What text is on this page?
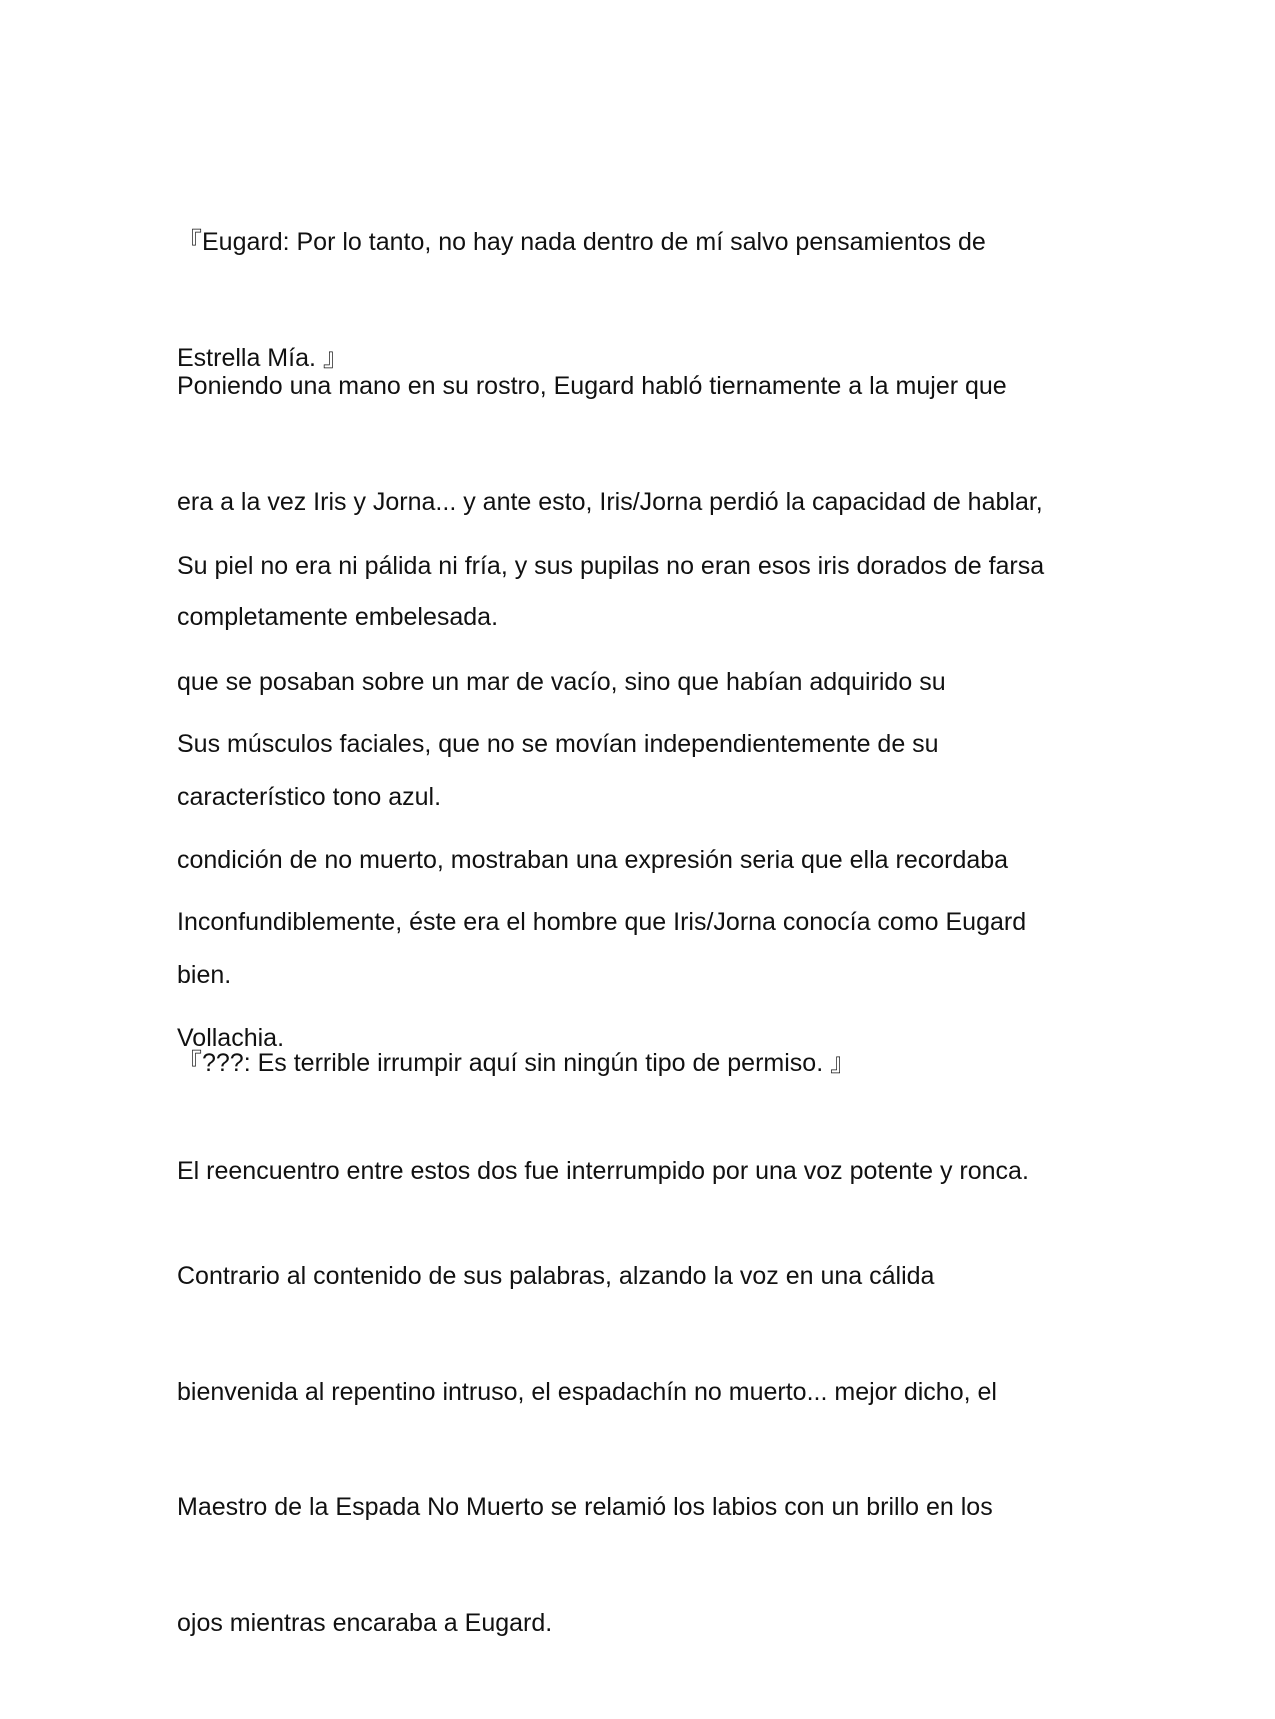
『Eugard: Por lo tanto, no hay nada dentro de mí salvo pensamientos de

Estrella Mía. 』

Poniendo una mano en su rostro, Eugard habló tiernamente a la mujer que

era a la vez Iris y Jorna... y ante esto, Iris/Jorna perdió la capacidad de hablar,

completamente embelesada.

Su piel no era ni pálida ni fría, y sus pupilas no eran esos iris dorados de farsa

que se posaban sobre un mar de vacío, sino que habían adquirido su

característico tono azul.

Sus músculos faciales, que no se movían independientemente de su

condición de no muerto, mostraban una expresión seria que ella recordaba

bien.

Inconfundiblemente, éste era el hombre que Iris/Jorna conocía como Eugard

Vollachia.

『???: Es terrible irrumpir aquí sin ningún tipo de permiso. 』

El reencuentro entre estos dos fue interrumpido por una voz potente y ronca.

Contrario al contenido de sus palabras, alzando la voz en una cálida

bienvenida al repentino intruso, el espadachín no muerto... mejor dicho, el

Maestro de la Espada No Muerto se relamió los labios con un brillo en los

ojos mientras encaraba a Eugard.
